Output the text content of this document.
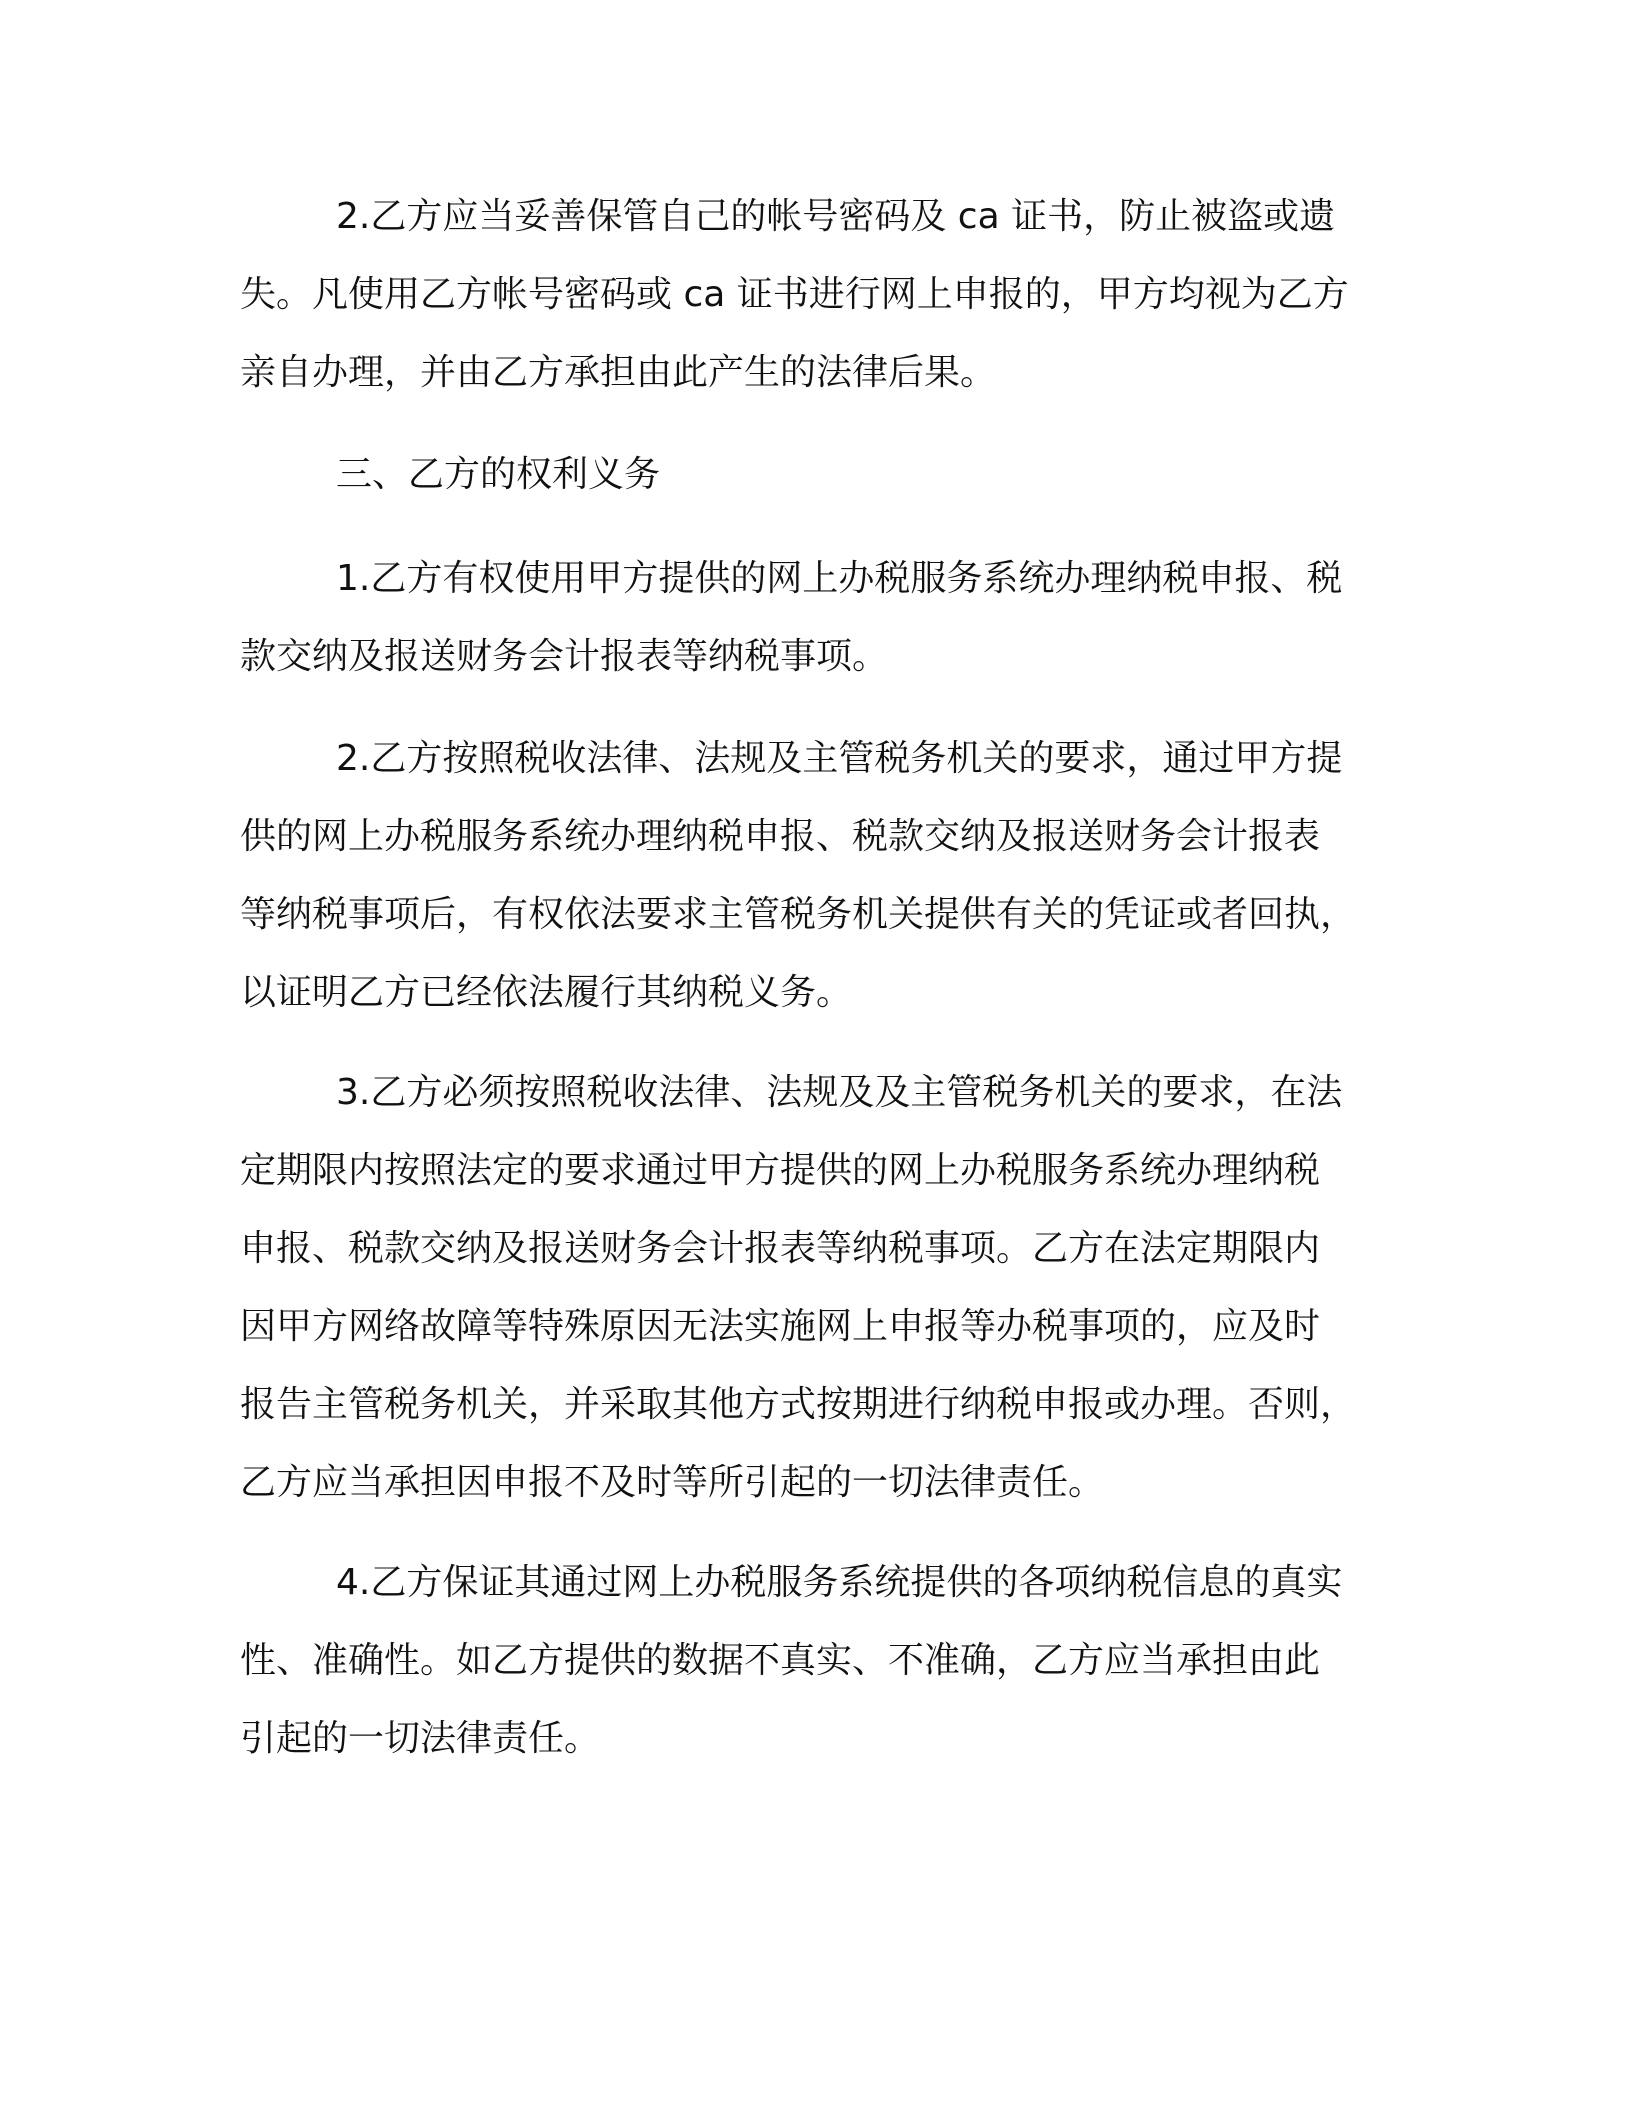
2.乙方应当妥善保管自己的帐号密码及 ca 证书，防止被盗或遗
失。凡使用乙方帐号密码或 ca 证书进行网上申报的，甲方均视为乙方
亲自办理，并由乙方承担由此产生的法律后果。
三、乙方的权利义务
1.乙方有权使用甲方提供的网上办税服务系统办理纳税申报、税
款交纳及报送财务会计报表等纳税事项。
2.乙方按照税收法律、法规及主管税务机关的要求，通过甲方提
供的网上办税服务系统办理纳税申报、税款交纳及报送财务会计报表
等纳税事项后，有权依法要求主管税务机关提供有关的凭证或者回执，
以证明乙方已经依法履行其纳税义务。
3.乙方必须按照税收法律、法规及及主管税务机关的要求，在法
定期限内按照法定的要求通过甲方提供的网上办税服务系统办理纳税
申报、税款交纳及报送财务会计报表等纳税事项。乙方在法定期限内
因甲方网络故障等特殊原因无法实施网上申报等办税事项的，应及时
报告主管税务机关，并采取其他方式按期进行纳税申报或办理。否则，
乙方应当承担因申报不及时等所引起的一切法律责任。
4.乙方保证其通过网上办税服务系统提供的各项纳税信息的真实
性、准确性。如乙方提供的数据不真实、不准确，乙方应当承担由此
引起的一切法律责任。
